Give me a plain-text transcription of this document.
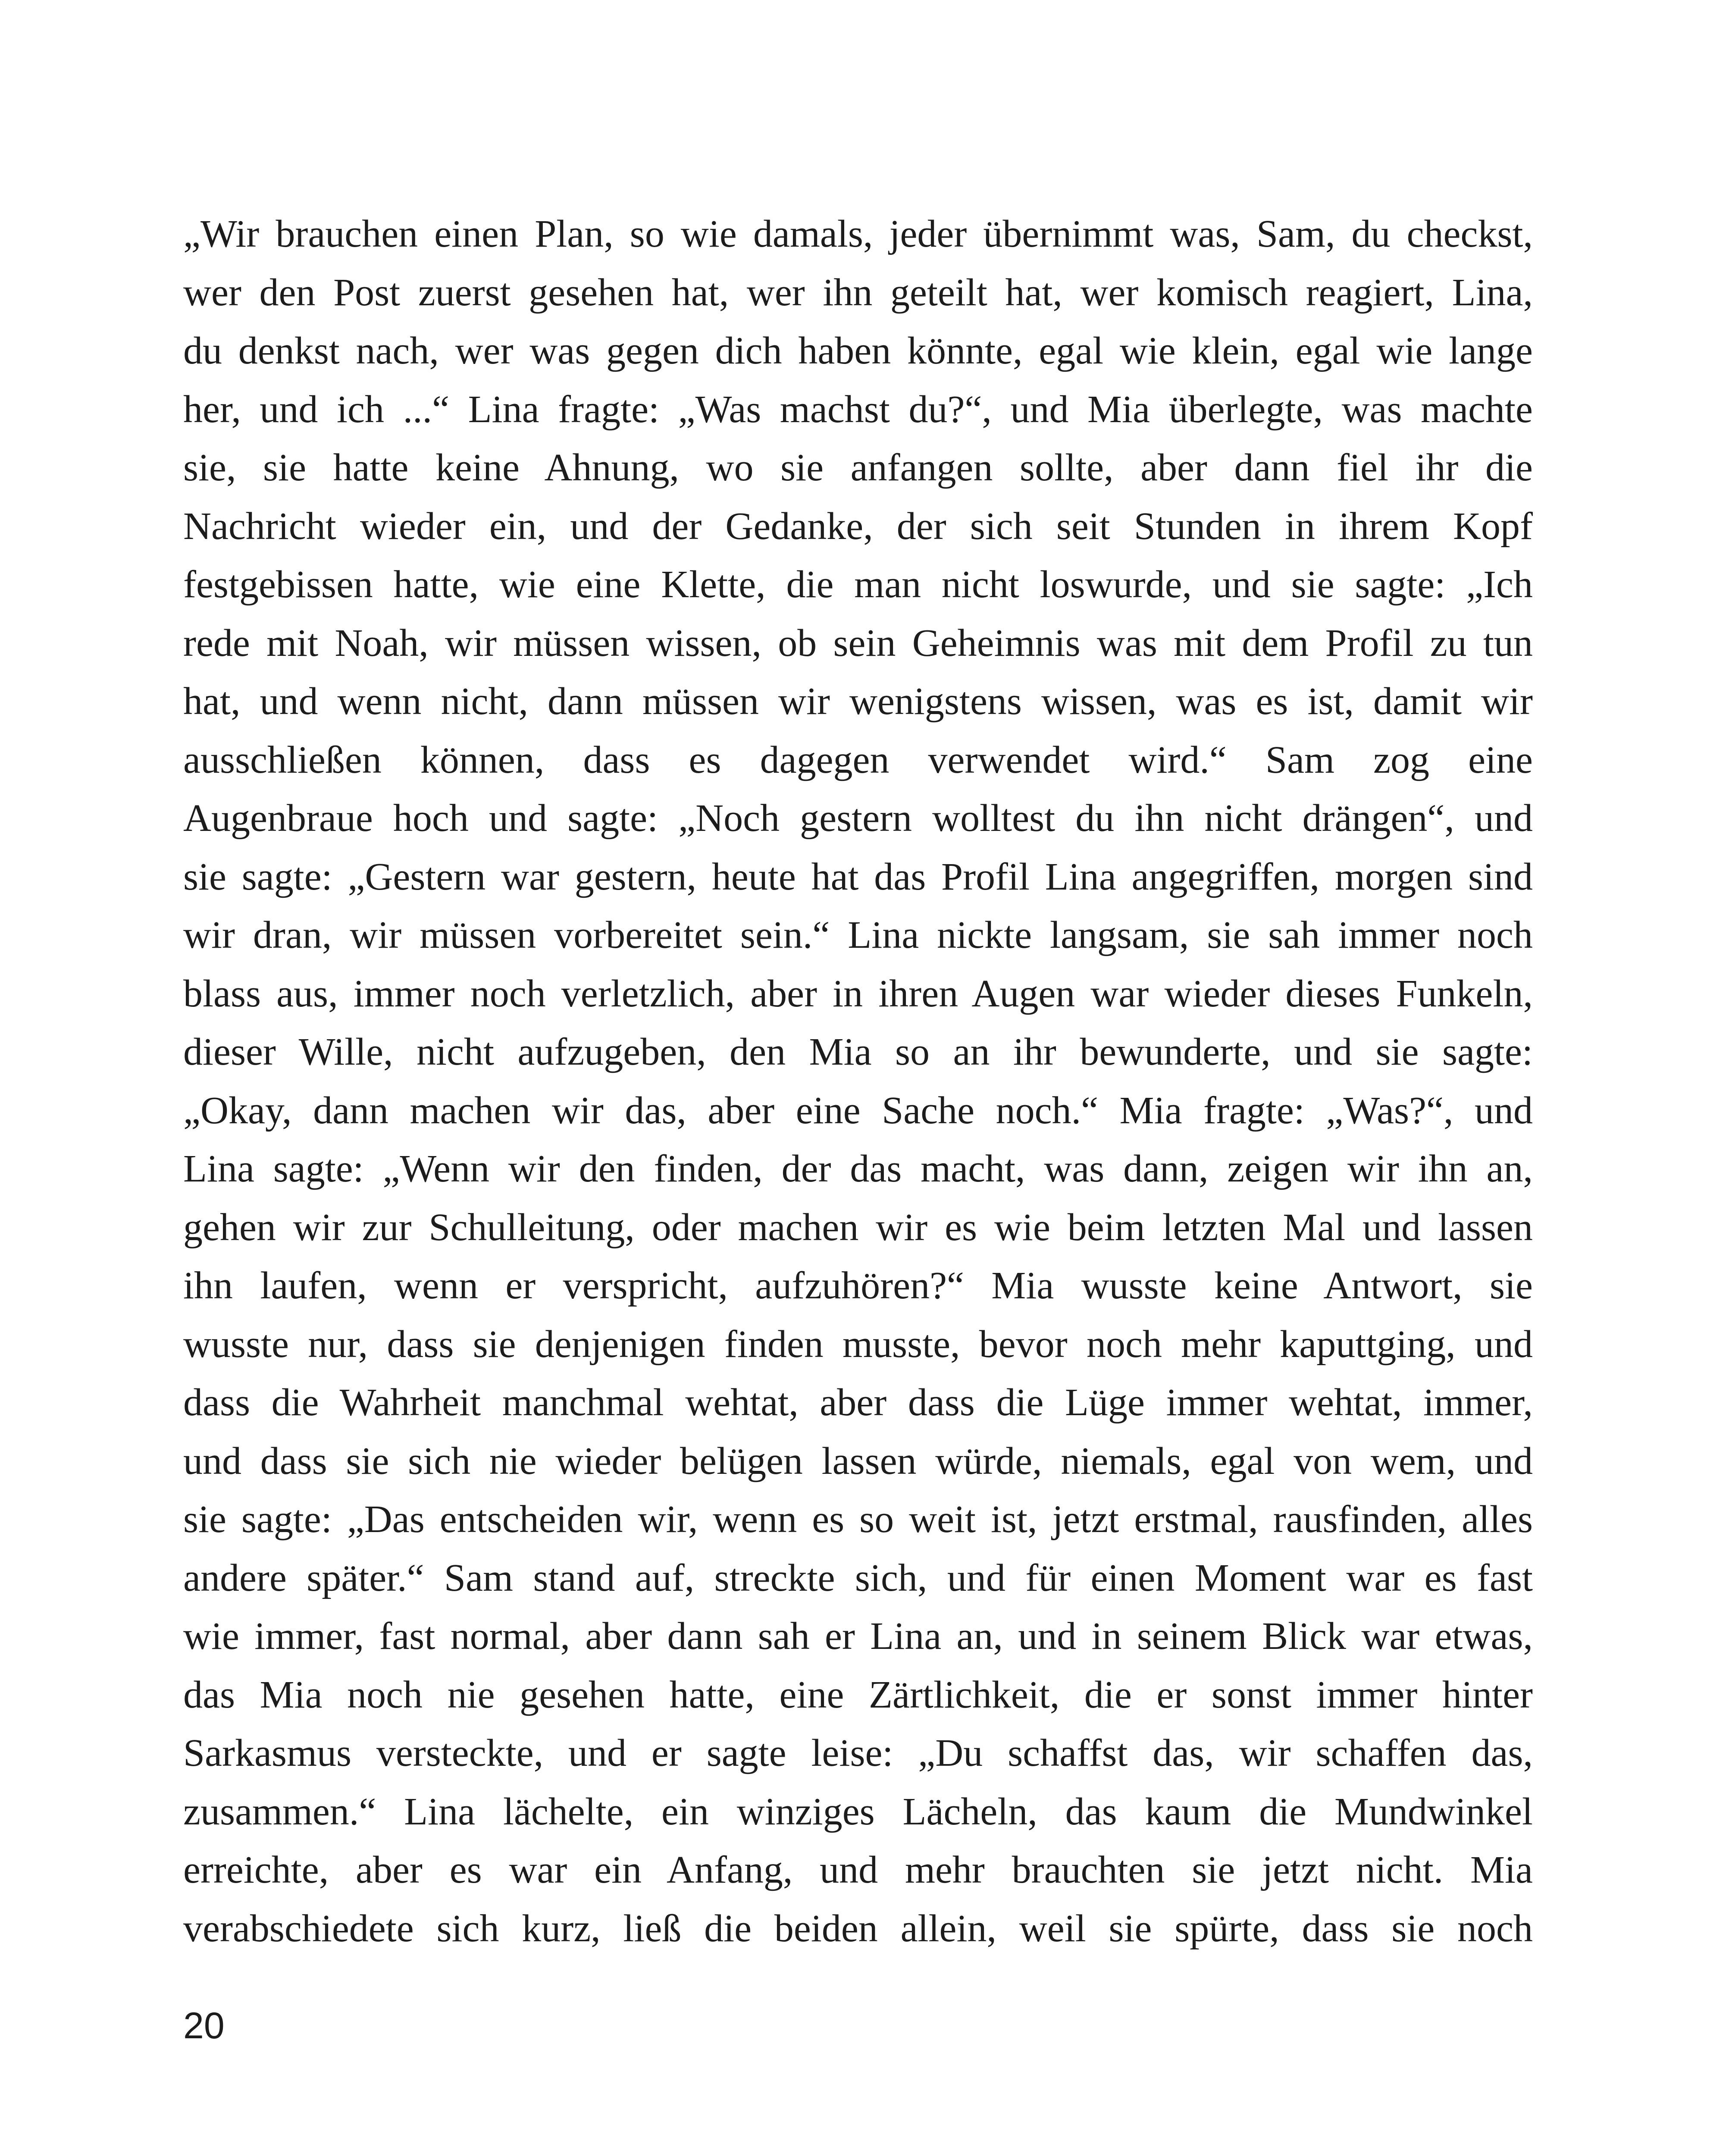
„Wir brauchen einen Plan, so wie damals, jeder übernimmt was, Sam, du checkst,
wer den Post zuerst gesehen hat, wer ihn geteilt hat, wer komisch reagiert, Lina,
du denkst nach, wer was gegen dich haben könnte, egal wie klein, egal wie lange
her, und ich ...“ Lina fragte: „Was machst du?“, und Mia überlegte, was machte
sie, sie hatte keine Ahnung, wo sie anfangen sollte, aber dann fiel ihr die
Nachricht wieder ein, und der Gedanke, der sich seit Stunden in ihrem Kopf
festgebissen hatte, wie eine Klette, die man nicht loswurde, und sie sagte: „Ich
rede mit Noah, wir müssen wissen, ob sein Geheimnis was mit dem Profil zu tun
hat, und wenn nicht, dann müssen wir wenigstens wissen, was es ist, damit wir
ausschließen können, dass es dagegen verwendet wird.“ Sam zog eine
Augenbraue hoch und sagte: „Noch gestern wolltest du ihn nicht drängen“, und
sie sagte: „Gestern war gestern, heute hat das Profil Lina angegriffen, morgen sind
wir dran, wir müssen vorbereitet sein.“ Lina nickte langsam, sie sah immer noch
blass aus, immer noch verletzlich, aber in ihren Augen war wieder dieses Funkeln,
dieser Wille, nicht aufzugeben, den Mia so an ihr bewunderte, und sie sagte:
„Okay, dann machen wir das, aber eine Sache noch.“ Mia fragte: „Was?“, und
Lina sagte: „Wenn wir den finden, der das macht, was dann, zeigen wir ihn an,
gehen wir zur Schulleitung, oder machen wir es wie beim letzten Mal und lassen
ihn laufen, wenn er verspricht, aufzuhören?“ Mia wusste keine Antwort, sie
wusste nur, dass sie denjenigen finden musste, bevor noch mehr kaputtging, und
dass die Wahrheit manchmal wehtat, aber dass die Lüge immer wehtat, immer,
und dass sie sich nie wieder belügen lassen würde, niemals, egal von wem, und
sie sagte: „Das entscheiden wir, wenn es so weit ist, jetzt erstmal, rausfinden, alles
andere später.“ Sam stand auf, streckte sich, und für einen Moment war es fast
wie immer, fast normal, aber dann sah er Lina an, und in seinem Blick war etwas,
das Mia noch nie gesehen hatte, eine Zärtlichkeit, die er sonst immer hinter
Sarkasmus versteckte, und er sagte leise: „Du schaffst das, wir schaffen das,
zusammen.“ Lina lächelte, ein winziges Lächeln, das kaum die Mundwinkel
erreichte, aber es war ein Anfang, und mehr brauchten sie jetzt nicht. Mia
verabschiedete sich kurz, ließ die beiden allein, weil sie spürte, dass sie noch
20
